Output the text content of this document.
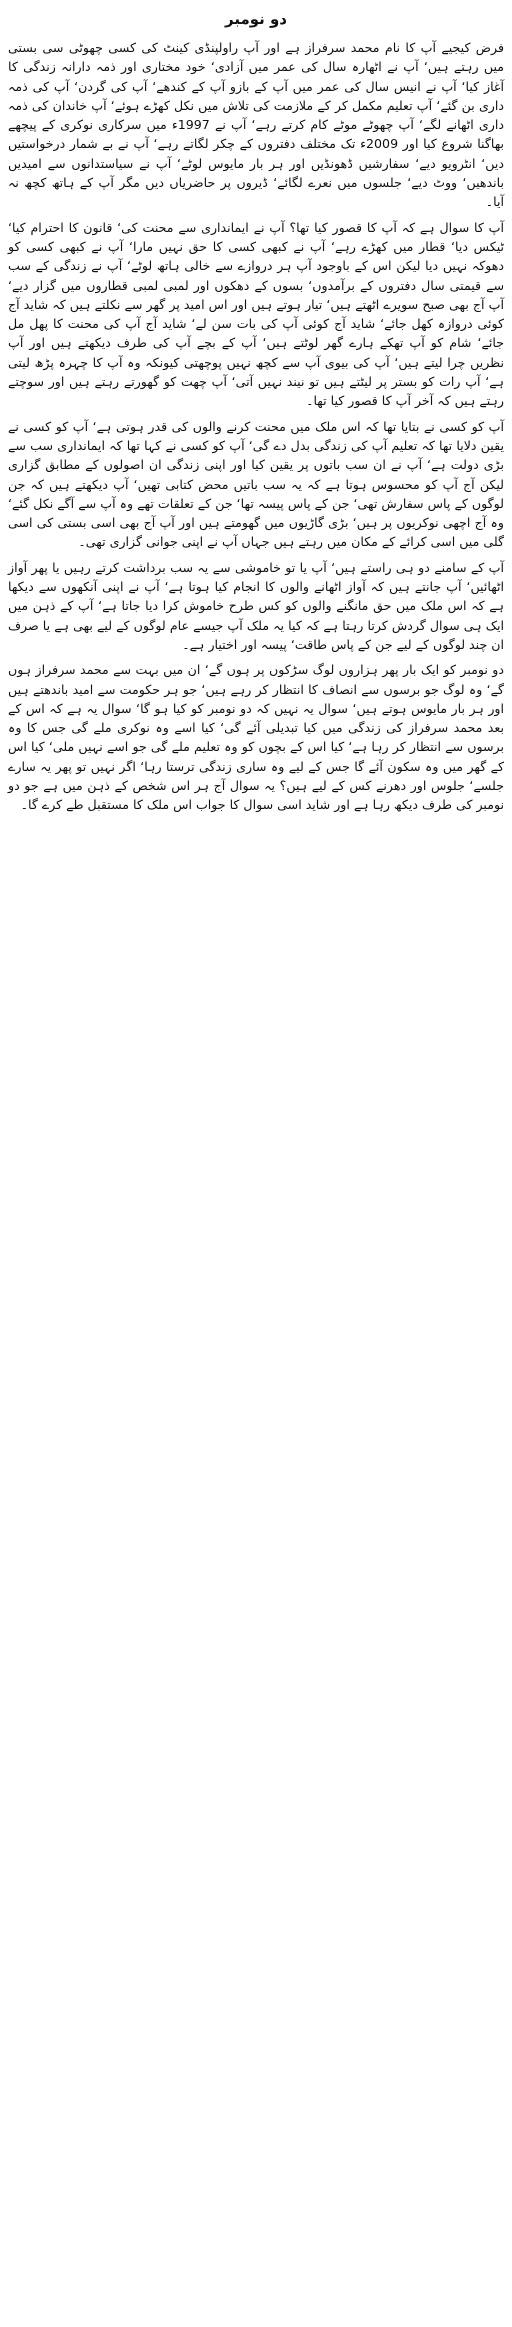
دو نومبر

فرض کیجیے آپ کا نام محمد سرفراز ہے اور آپ راولپنڈی کینٹ کی کسی چھوٹی سی بستی میں رہتے ہیں‘ آپ نے اٹھارہ سال کی عمر میں آزادی‘ خود مختاری اور ذمہ دارانہ زندگی کا آغاز کیا‘ آپ نے انیس سال کی عمر میں آپ کے بازو آپ کے کندھے‘ آپ کی گردن‘ آپ کی ذمہ داری بن گئے‘ آپ تعلیم مکمل کر کے ملازمت کی تلاش میں نکل کھڑے ہوئے‘ آپ خاندان کی ذمہ داری اٹھانے لگے‘ آپ چھوٹے موٹے کام کرتے رہے‘ آپ نے 1997ء میں سرکاری نوکری کے پیچھے بھاگنا شروع کیا اور 2009ء تک مختلف دفتروں کے چکر لگاتے رہے‘ آپ نے بے شمار درخواستیں دیں‘ انٹرویو دیے‘ سفارشیں ڈھونڈیں اور ہر بار مایوس لوٹے‘ آپ نے سیاستدانوں سے امیدیں باندھیں‘ ووٹ دیے‘ جلسوں میں نعرے لگائے‘ ڈیروں پر حاضریاں دیں مگر آپ کے ہاتھ کچھ نہ آیا۔

آپ کا سوال ہے کہ آپ کا قصور کیا تھا؟ آپ نے ایمانداری سے محنت کی‘ قانون کا احترام کیا‘ ٹیکس دیا‘ قطار میں کھڑے رہے‘ آپ نے کبھی کسی کا حق نہیں مارا‘ آپ نے کبھی کسی کو دھوکہ نہیں دیا لیکن اس کے باوجود آپ ہر دروازے سے خالی ہاتھ لوٹے‘ آپ نے زندگی کے سب سے قیمتی سال دفتروں کے برآمدوں‘ بسوں کے دھکوں اور لمبی لمبی قطاروں میں گزار دیے‘ آپ آج بھی صبح سویرے اٹھتے ہیں‘ تیار ہوتے ہیں اور اس امید پر گھر سے نکلتے ہیں کہ شاید آج کوئی دروازہ کھل جائے‘ شاید آج کوئی آپ کی بات سن لے‘ شاید آج آپ کی محنت کا پھل مل جائے‘ شام کو آپ تھکے ہارے گھر لوٹتے ہیں‘ آپ کے بچے آپ کی طرف دیکھتے ہیں اور آپ نظریں چرا لیتے ہیں‘ آپ کی بیوی آپ سے کچھ نہیں پوچھتی کیونکہ وہ آپ کا چہرہ پڑھ لیتی ہے‘ آپ رات کو بستر پر لیٹتے ہیں تو نیند نہیں آتی‘ آپ چھت کو گھورتے رہتے ہیں اور سوچتے رہتے ہیں کہ آخر آپ کا قصور کیا تھا۔

آپ کو کسی نے بتایا تھا کہ اس ملک میں محنت کرنے والوں کی قدر ہوتی ہے‘ آپ کو کسی نے یقین دلایا تھا کہ تعلیم آپ کی زندگی بدل دے گی‘ آپ کو کسی نے کہا تھا کہ ایمانداری سب سے بڑی دولت ہے‘ آپ نے ان سب باتوں پر یقین کیا اور اپنی زندگی ان اصولوں کے مطابق گزاری لیکن آج آپ کو محسوس ہوتا ہے کہ یہ سب باتیں محض کتابی تھیں‘ آپ دیکھتے ہیں کہ جن لوگوں کے پاس سفارش تھی‘ جن کے پاس پیسہ تھا‘ جن کے تعلقات تھے وہ آپ سے آگے نکل گئے‘ وہ آج اچھی نوکریوں پر ہیں‘ بڑی گاڑیوں میں گھومتے ہیں اور آپ آج بھی اسی بستی کی اسی گلی میں اسی کرائے کے مکان میں رہتے ہیں جہاں آپ نے اپنی جوانی گزاری تھی۔

آپ کے سامنے دو ہی راستے ہیں‘ آپ یا تو خاموشی سے یہ سب برداشت کرتے رہیں یا پھر آواز اٹھائیں‘ آپ جانتے ہیں کہ آواز اٹھانے والوں کا انجام کیا ہوتا ہے‘ آپ نے اپنی آنکھوں سے دیکھا ہے کہ اس ملک میں حق مانگنے والوں کو کس طرح خاموش کرا دیا جاتا ہے‘ آپ کے ذہن میں ایک ہی سوال گردش کرتا رہتا ہے کہ کیا یہ ملک آپ جیسے عام لوگوں کے لیے بھی ہے یا صرف ان چند لوگوں کے لیے جن کے پاس طاقت‘ پیسہ اور اختیار ہے۔

دو نومبر کو ایک بار پھر ہزاروں لوگ سڑکوں پر ہوں گے‘ ان میں بہت سے محمد سرفراز ہوں گے‘ وہ لوگ جو برسوں سے انصاف کا انتظار کر رہے ہیں‘ جو ہر حکومت سے امید باندھتے ہیں اور ہر بار مایوس ہوتے ہیں‘ سوال یہ نہیں کہ دو نومبر کو کیا ہو گا‘ سوال یہ ہے کہ اس کے بعد محمد سرفراز کی زندگی میں کیا تبدیلی آئے گی‘ کیا اسے وہ نوکری ملے گی جس کا وہ برسوں سے انتظار کر رہا ہے‘ کیا اس کے بچوں کو وہ تعلیم ملے گی جو اسے نہیں ملی‘ کیا اس کے گھر میں وہ سکون آئے گا جس کے لیے وہ ساری زندگی ترستا رہا‘ اگر نہیں تو پھر یہ سارے جلسے‘ جلوس اور دھرنے کس کے لیے ہیں؟ یہ سوال آج ہر اس شخص کے ذہن میں ہے جو دو نومبر کی طرف دیکھ رہا ہے اور شاید اسی سوال کا جواب اس ملک کا مستقبل طے کرے گا۔
